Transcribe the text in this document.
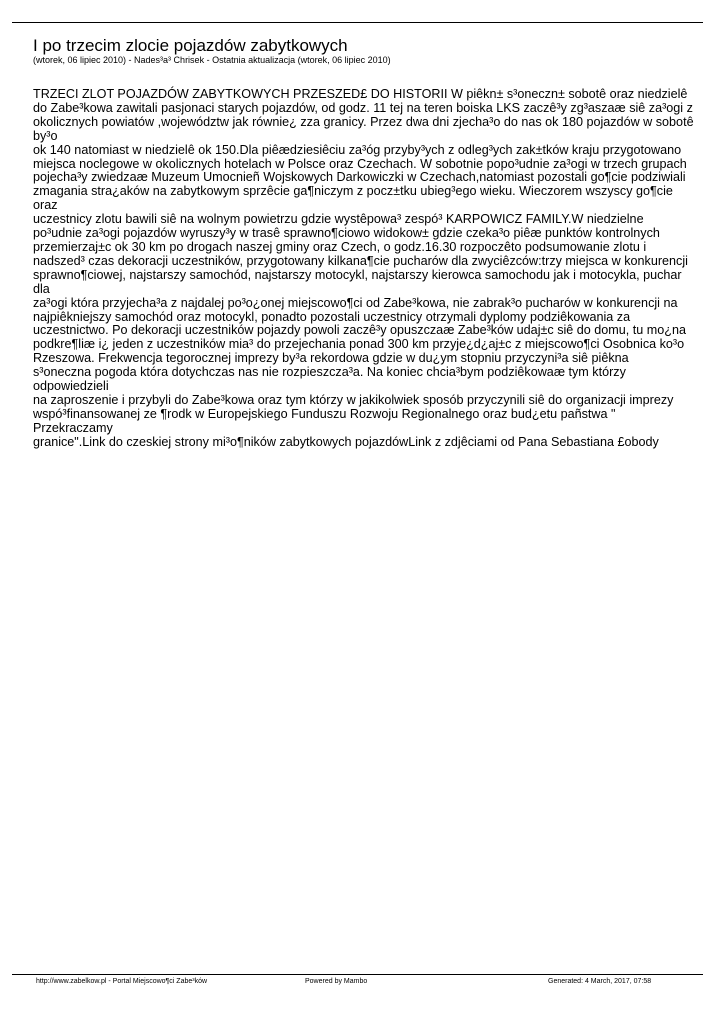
I po trzecim zlocie pojazdów zabytkowych
(wtorek, 06 lipiec 2010) - Nades³a³ Chrisek - Ostatnia aktualizacja (wtorek, 06 lipiec 2010)
TRZECI ZLOT POJAZDÓW ZABYTKOWYCH PRZESZED£ DO HISTORII W piêkn± s³oneczn± sobotê oraz niedzielê
do Zabe³kowa zawitali pasjonaci starych pojazdów, od godz. 11 tej na teren boiska LKS zaczê³y zg³aszaæ siê za³ogi z
okolicznych powiatów ,województw jak równie¿ zza granicy. Przez dwa dni zjecha³o do nas ok 180 pojazdów w sobotê by³o
ok 140 natomiast w niedzielê ok 150.Dla piêædziesiêciu za³óg przyby³ych z odleg³ych zak±tków kraju przygotowano
miejsca noclegowe w okolicznych hotelach w Polsce oraz Czechach. W sobotnie popo³udnie za³ogi w trzech grupach
pojecha³y zwiedzaæ Muzeum Umocnieñ Wojskowych Darkowiczki w Czechach,natomiast pozostali go¶cie podziwiali
zmagania stra¿aków na zabytkowym sprzêcie ga¶niczym z pocz±tku ubieg³ego wieku. Wieczorem wszyscy go¶cie oraz
uczestnicy zlotu bawili siê na wolnym powietrzu gdzie wystêpowa³ zespó³ KARPOWICZ FAMILY.W niedzielne
po³udnie za³ogi pojazdów wyruszy³y w trasê sprawno¶ciowo widokow± gdzie czeka³o piêæ punktów kontrolnych
przemierzaj±c ok 30 km po drogach naszej gminy oraz Czech, o godz.16.30 rozpoczêto podsumowanie zlotu i
nadszed³ czas dekoracji uczestników, przygotowany kilkana¶cie pucharów dla zwyciêzców:trzy miejsca w konkurencji
sprawno¶ciowej, najstarszy samochód, najstarszy motocykl, najstarszy kierowca samochodu jak i motocykla, puchar dla
za³ogi która przyjecha³a z najdalej po³o¿onej miejscowo¶ci od Zabe³kowa, nie zabrak³o pucharów w konkurencji na
najpiêkniejszy samochód oraz motocykl, ponadto pozostali uczestnicy otrzymali dyplomy podziêkowania za
uczestnictwo. Po dekoracji uczestników pojazdy powoli zaczê³y opuszczaæ Zabe³ków udaj±c siê do domu, tu mo¿na
podkre¶liæ i¿ jeden z uczestników mia³ do przejechania ponad 300 km przyje¿d¿aj±c z miejscowo¶ci Osobnica ko³o
Rzeszowa. Frekwencja tegorocznej imprezy by³a rekordowa gdzie w du¿ym stopniu przyczyni³a siê piêkna
s³oneczna pogoda która dotychczas nas nie rozpieszcza³a. Na koniec chcia³bym podziêkowaæ tym którzy odpowiedzieli
na zaproszenie i przybyli do Zabe³kowa oraz tym którzy w jakikolwiek sposób przyczynili siê do organizacji imprezy
wspó³finansowanej ze ¶rodk w Europejskiego Funduszu Rozwoju Regionalnego oraz bud¿etu pañstwa " Przekraczamy
granice".Link do czeskiej strony mi³o¶ników zabytkowych pojazdówLink z zdjêciami od Pana Sebastiana £obody
http://www.zabelkow.pl - Portal Miejscowo¶ci Zabe³ków	Powered by Mambo	Generated: 4 March, 2017, 07:58
